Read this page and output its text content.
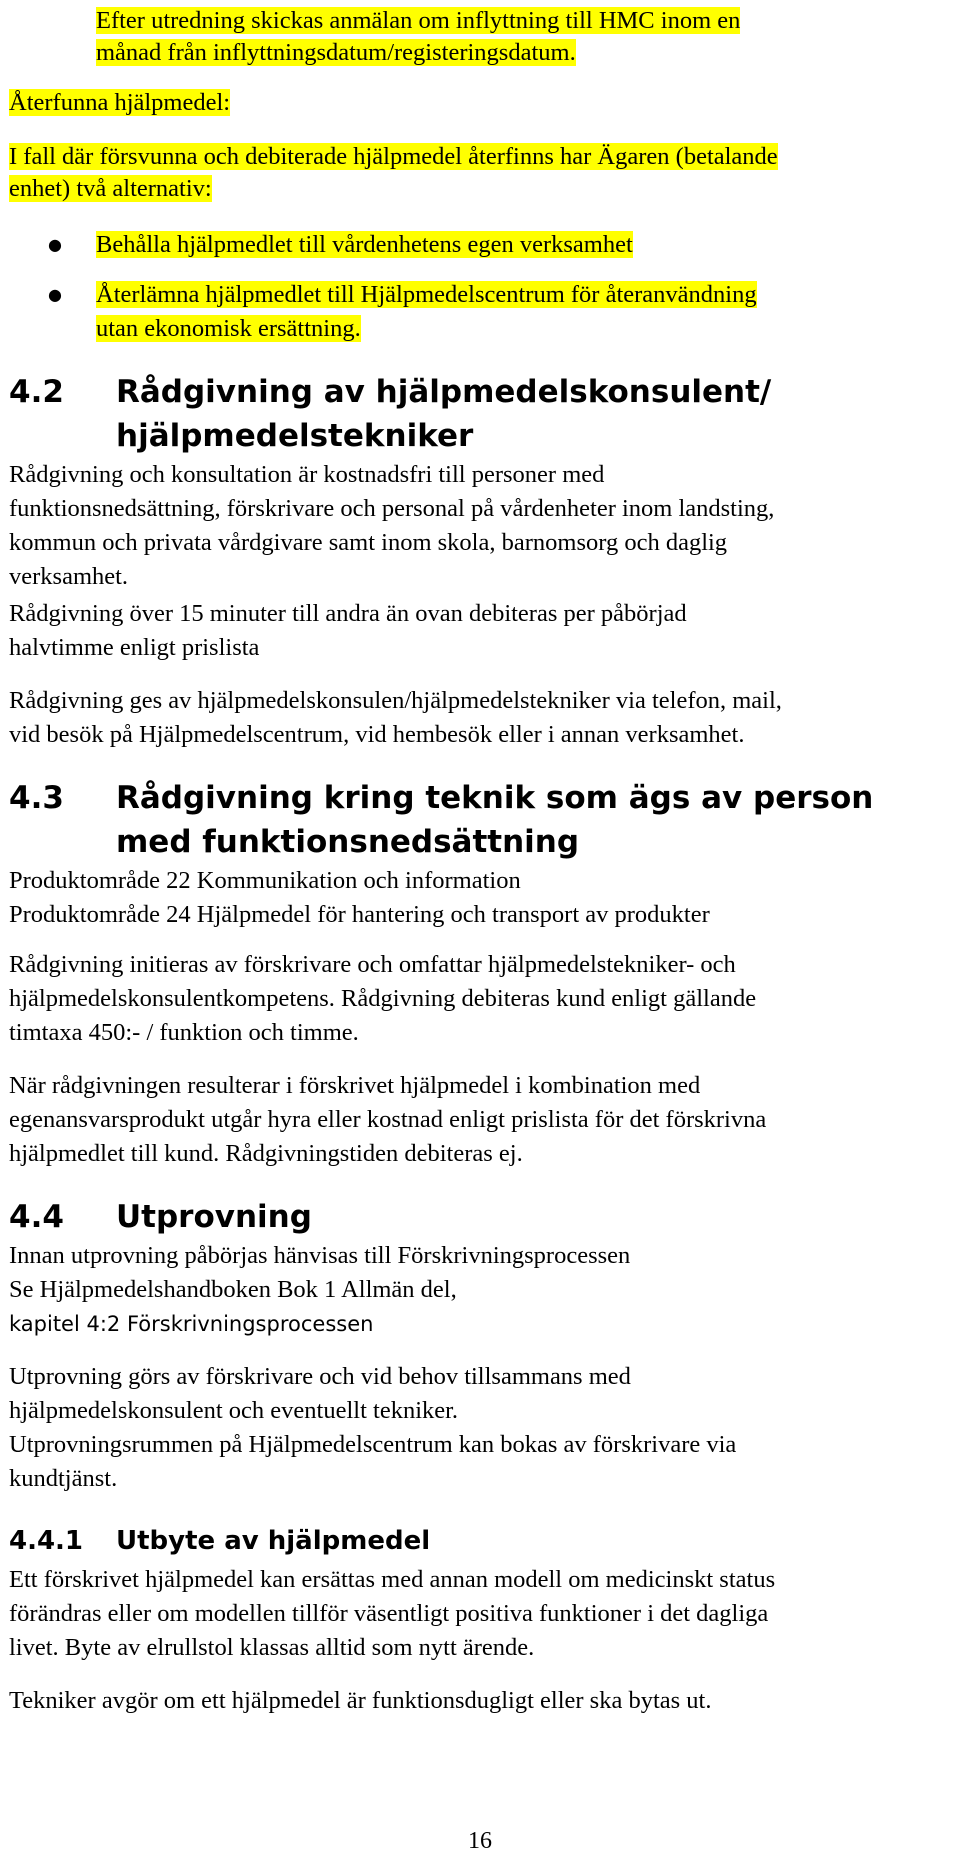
Efter utredning skickas anmälan om inflyttning till HMC inom en

månad från inflyttningsdatum/registeringsdatum.

Återfunna hjälpmedel:

I fall där försvunna och debiterade hjälpmedel återfinns har Ägaren (betalande

enhet) två alternativ:

● Behålla hjälpmedlet till vårdenhetens egen verksamhet

● Återlämna hjälpmedlet till Hjälpmedelscentrum för återanvändning

utan ekonomisk ersättning.

4.2 Rådgivning av hjälpmedelskonsulent/

hjälpmedelstekniker

Rådgivning och konsultation är kostnadsfri till personer med

funktionsnedsättning, förskrivare och personal på vårdenheter inom landsting,

kommun och privata vårdgivare samt inom skola, barnomsorg och daglig

verksamhet.

Rådgivning över 15 minuter till andra än ovan debiteras per påbörjad

halvtimme enligt prislista

Rådgivning ges av hjälpmedelskonsulen/hjälpmedelstekniker via telefon, mail,

vid besök på Hjälpmedelscentrum, vid hembesök eller i annan verksamhet.

4.3 Rådgivning kring teknik som ägs av person

med funktionsnedsättning

Produktområde 22 Kommunikation och information

Produktområde 24 Hjälpmedel för hantering och transport av produkter

Rådgivning initieras av förskrivare och omfattar hjälpmedelstekniker- och

hjälpmedelskonsulentkompetens. Rådgivning debiteras kund enligt gällande

timtaxa 450:- / funktion och timme.

När rådgivningen resulterar i förskrivet hjälpmedel i kombination med

egenansvarsprodukt utgår hyra eller kostnad enligt prislista för det förskrivna

hjälpmedlet till kund. Rådgivningstiden debiteras ej.

4.4 Utprovning

Innan utprovning påbörjas hänvisas till Förskrivningsprocessen

Se Hjälpmedelshandboken Bok 1 Allmän del,

kapitel 4:2 Förskrivningsprocessen

Utprovning görs av förskrivare och vid behov tillsammans med

hjälpmedelskonsulent och eventuellt tekniker.

Utprovningsrummen på Hjälpmedelscentrum kan bokas av förskrivare via

kundtjänst.

4.4.1 Utbyte av hjälpmedel

Ett förskrivet hjälpmedel kan ersättas med annan modell om medicinskt status

förändras eller om modellen tillför väsentligt positiva funktioner i det dagliga

livet. Byte av elrullstol klassas alltid som nytt ärende.

Tekniker avgör om ett hjälpmedel är funktionsdugligt eller ska bytas ut.

16
